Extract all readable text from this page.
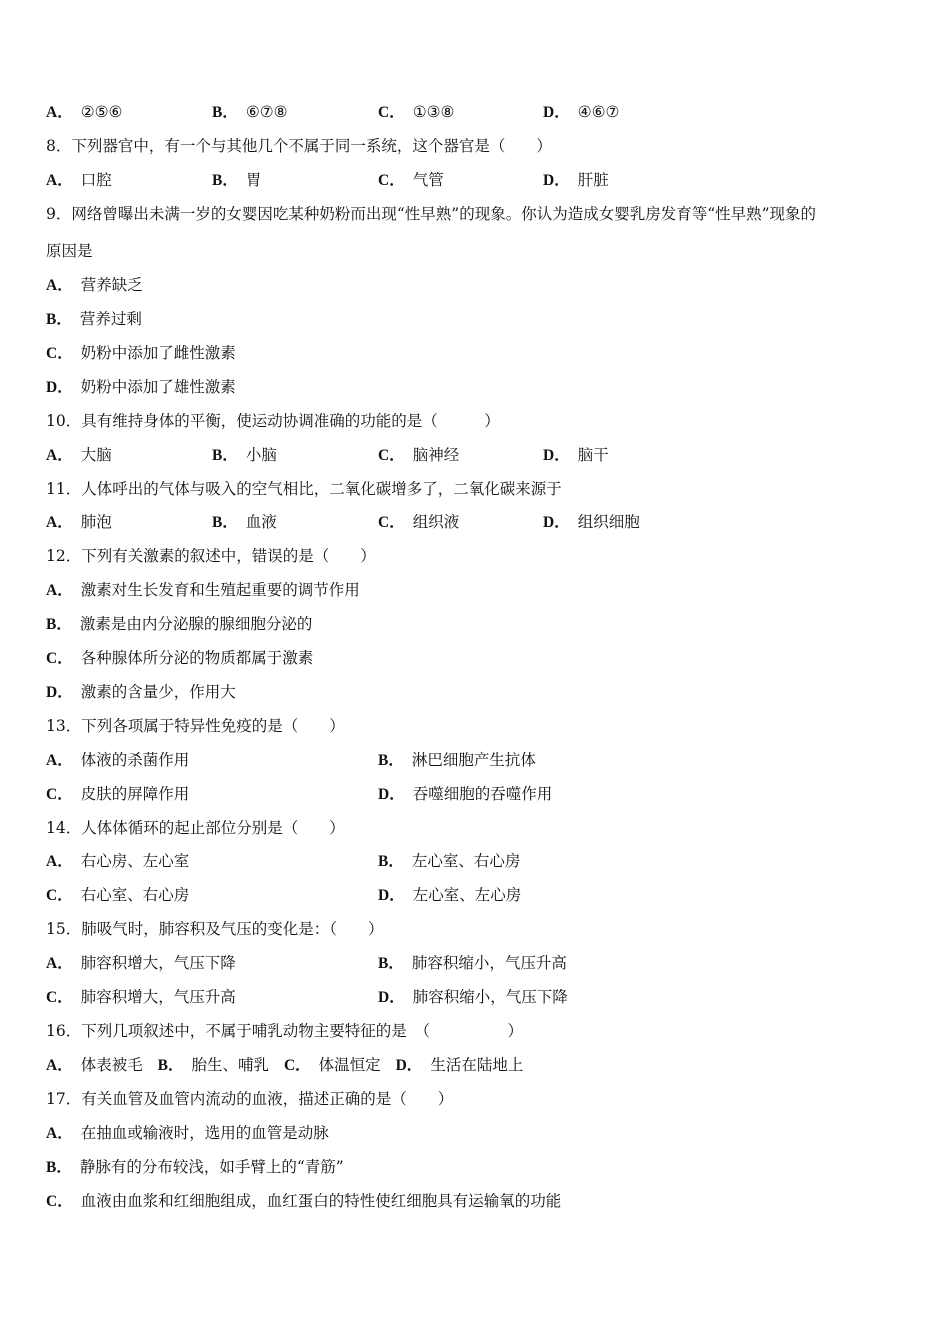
A． ②⑤⑥	B． ⑥⑦⑧	C． ①③⑧	D． ④⑥⑦
8．下列器官中，有一个与其他几个不属于同一系统，这个器官是（　　）
A． 口腔	B． 胃	C． 气管	D． 肝脏
9．网络曾曝出未满一岁的女婴因吃某种奶粉而出现“性早熟”的现象。你认为造成女婴乳房发育等“性早熟”现象的
原因是
A． 营养缺乏
B． 营养过剩
C． 奶粉中添加了雌性激素
D． 奶粉中添加了雄性激素
10．具有维持身体的平衡，使运动协调准确的功能的是（　　　）
A． 大脑	B． 小脑	C． 脑神经	D． 脑干
11．人体呼出的气体与吸入的空气相比，二氧化碳增多了，二氧化碳来源于
A． 肺泡	B． 血液	C． 组织液	D． 组织细胞
12．下列有关激素的叙述中，错误的是（　　）
A． 激素对生长发育和生殖起重要的调节作用
B． 激素是由内分泌腺的腺细胞分泌的
C． 各种腺体所分泌的物质都属于激素
D． 激素的含量少，作用大
13．下列各项属于特异性免疫的是（　　）
A． 体液的杀菌作用	B． 淋巴细胞产生抗体
C． 皮肤的屏障作用	D． 吞噬细胞的吞噬作用
14．人体体循环的起止部位分别是（　　）
A． 右心房、左心室	B． 左心室、右心房
C． 右心室、右心房	D． 左心室、左心房
15．肺吸气时，肺容积及气压的变化是：（　　）
A． 肺容积增大，气压下降	B． 肺容积缩小，气压升高
C． 肺容积增大，气压升高	D． 肺容积缩小，气压下降
16．下列几项叙述中，不属于哺乳动物主要特征的是　（　　　　　）
A． 体表被毛 B． 胎生、哺乳 C． 体温恒定 D． 生活在陆地上
17．有关血管及血管内流动的血液，描述正确的是（　　）
A． 在抽血或输液时，选用的血管是动脉
B． 静脉有的分布较浅，如手臂上的“青筋”
C． 血液由血浆和红细胞组成，血红蛋白的特性使红细胞具有运输氧的功能
